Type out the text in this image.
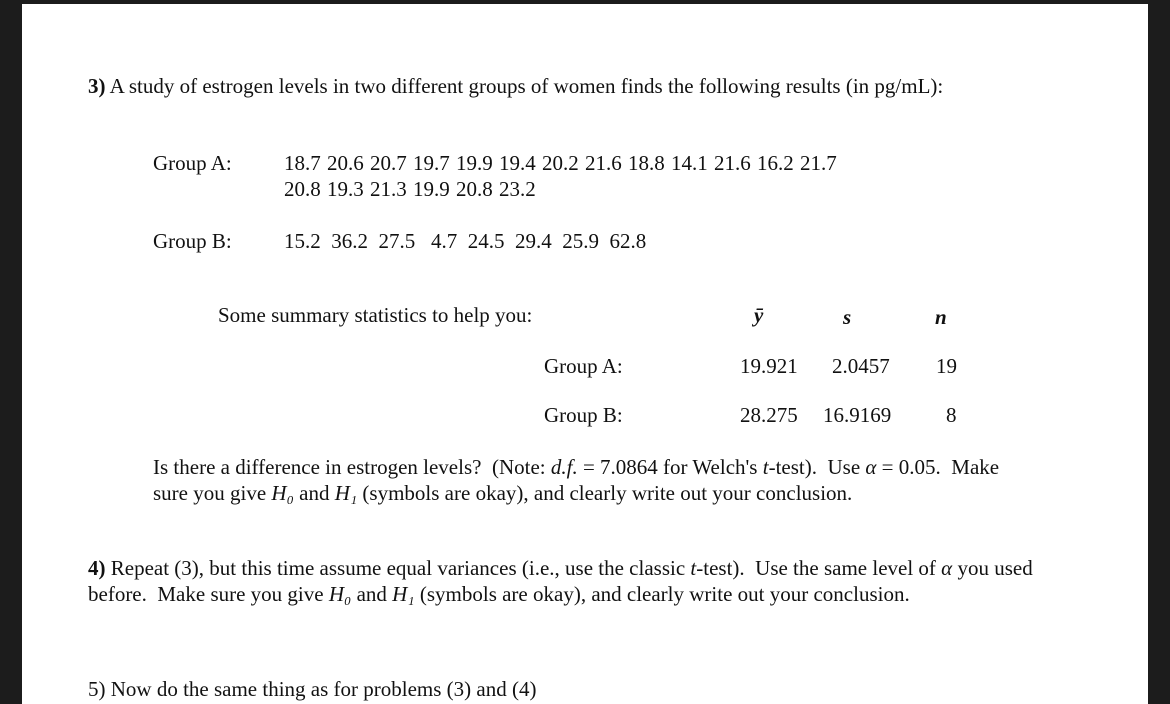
3) A study of estrogen levels in two different groups of women finds the following results (in pg/mL):
Group A: 18.7 20.6 20.7 19.7 19.9 19.4 20.2 21.6 18.8 14.1 21.6 16.2 21.7
20.8 19.3 21.3 19.9 20.8 23.2
Group B: 15.2  36.2  27.5   4.7  24.5  29.4  25.9  62.8
Some summary statistics to help you:	ȳ	s	n
Group A:	19.921 2.0457 19
Group B:	28.275 16.9169	8
Is there a difference in estrogen levels?  (Note: d.f. = 7.0864 for Welch's t-test).  Use α = 0.05.  Make
sure you give H₀ and H₁ (symbols are okay), and clearly write out your conclusion.
4) Repeat (3), but this time assume equal variances (i.e., use the classic t-test).  Use the same level of α you used
before.  Make sure you give H₀ and H₁ (symbols are okay), and clearly write out your conclusion.
5) Now do the same thing as for problems (3) and (4)
